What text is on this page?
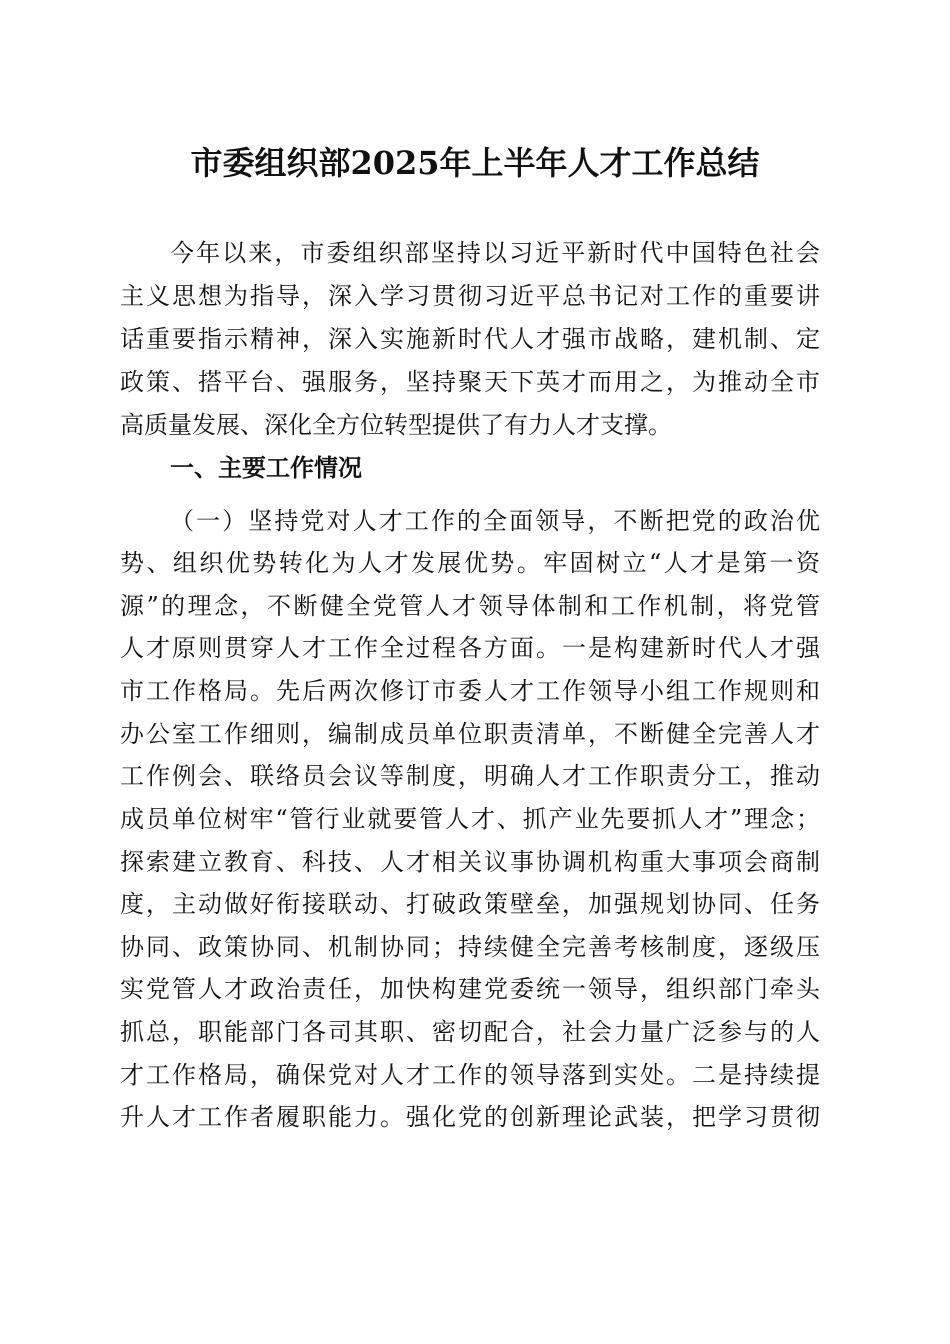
市委组织部2025年上半年人才工作总结
今年以来，市委组织部坚持以习近平新时代中国特色社会
主义思想为指导，深入学习贯彻习近平总书记对工作的重要讲
话重要指示精神，深入实施新时代人才强市战略，建机制、定
政策、搭平台、强服务，坚持聚天下英才而用之，为推动全市
高质量发展、深化全方位转型提供了有力人才支撑。
一、主要工作情况
（一）坚持党对人才工作的全面领导，不断把党的政治优
势、组织优势转化为人才发展优势。牢固树立“人才是第一资
源”的理念，不断健全党管人才领导体制和工作机制，将党管
人才原则贯穿人才工作全过程各方面。一是构建新时代人才强
市工作格局。先后两次修订市委人才工作领导小组工作规则和
办公室工作细则，编制成员单位职责清单，不断健全完善人才
工作例会、联络员会议等制度，明确人才工作职责分工，推动
成员单位树牢“管行业就要管人才、抓产业先要抓人才”理念；
探索建立教育、科技、人才相关议事协调机构重大事项会商制
度，主动做好衔接联动、打破政策壁垒，加强规划协同、任务
协同、政策协同、机制协同；持续健全完善考核制度，逐级压
实党管人才政治责任，加快构建党委统一领导，组织部门牵头
抓总，职能部门各司其职、密切配合，社会力量广泛参与的人
才工作格局，确保党对人才工作的领导落到实处。二是持续提
升人才工作者履职能力。强化党的创新理论武装，把学习贯彻
